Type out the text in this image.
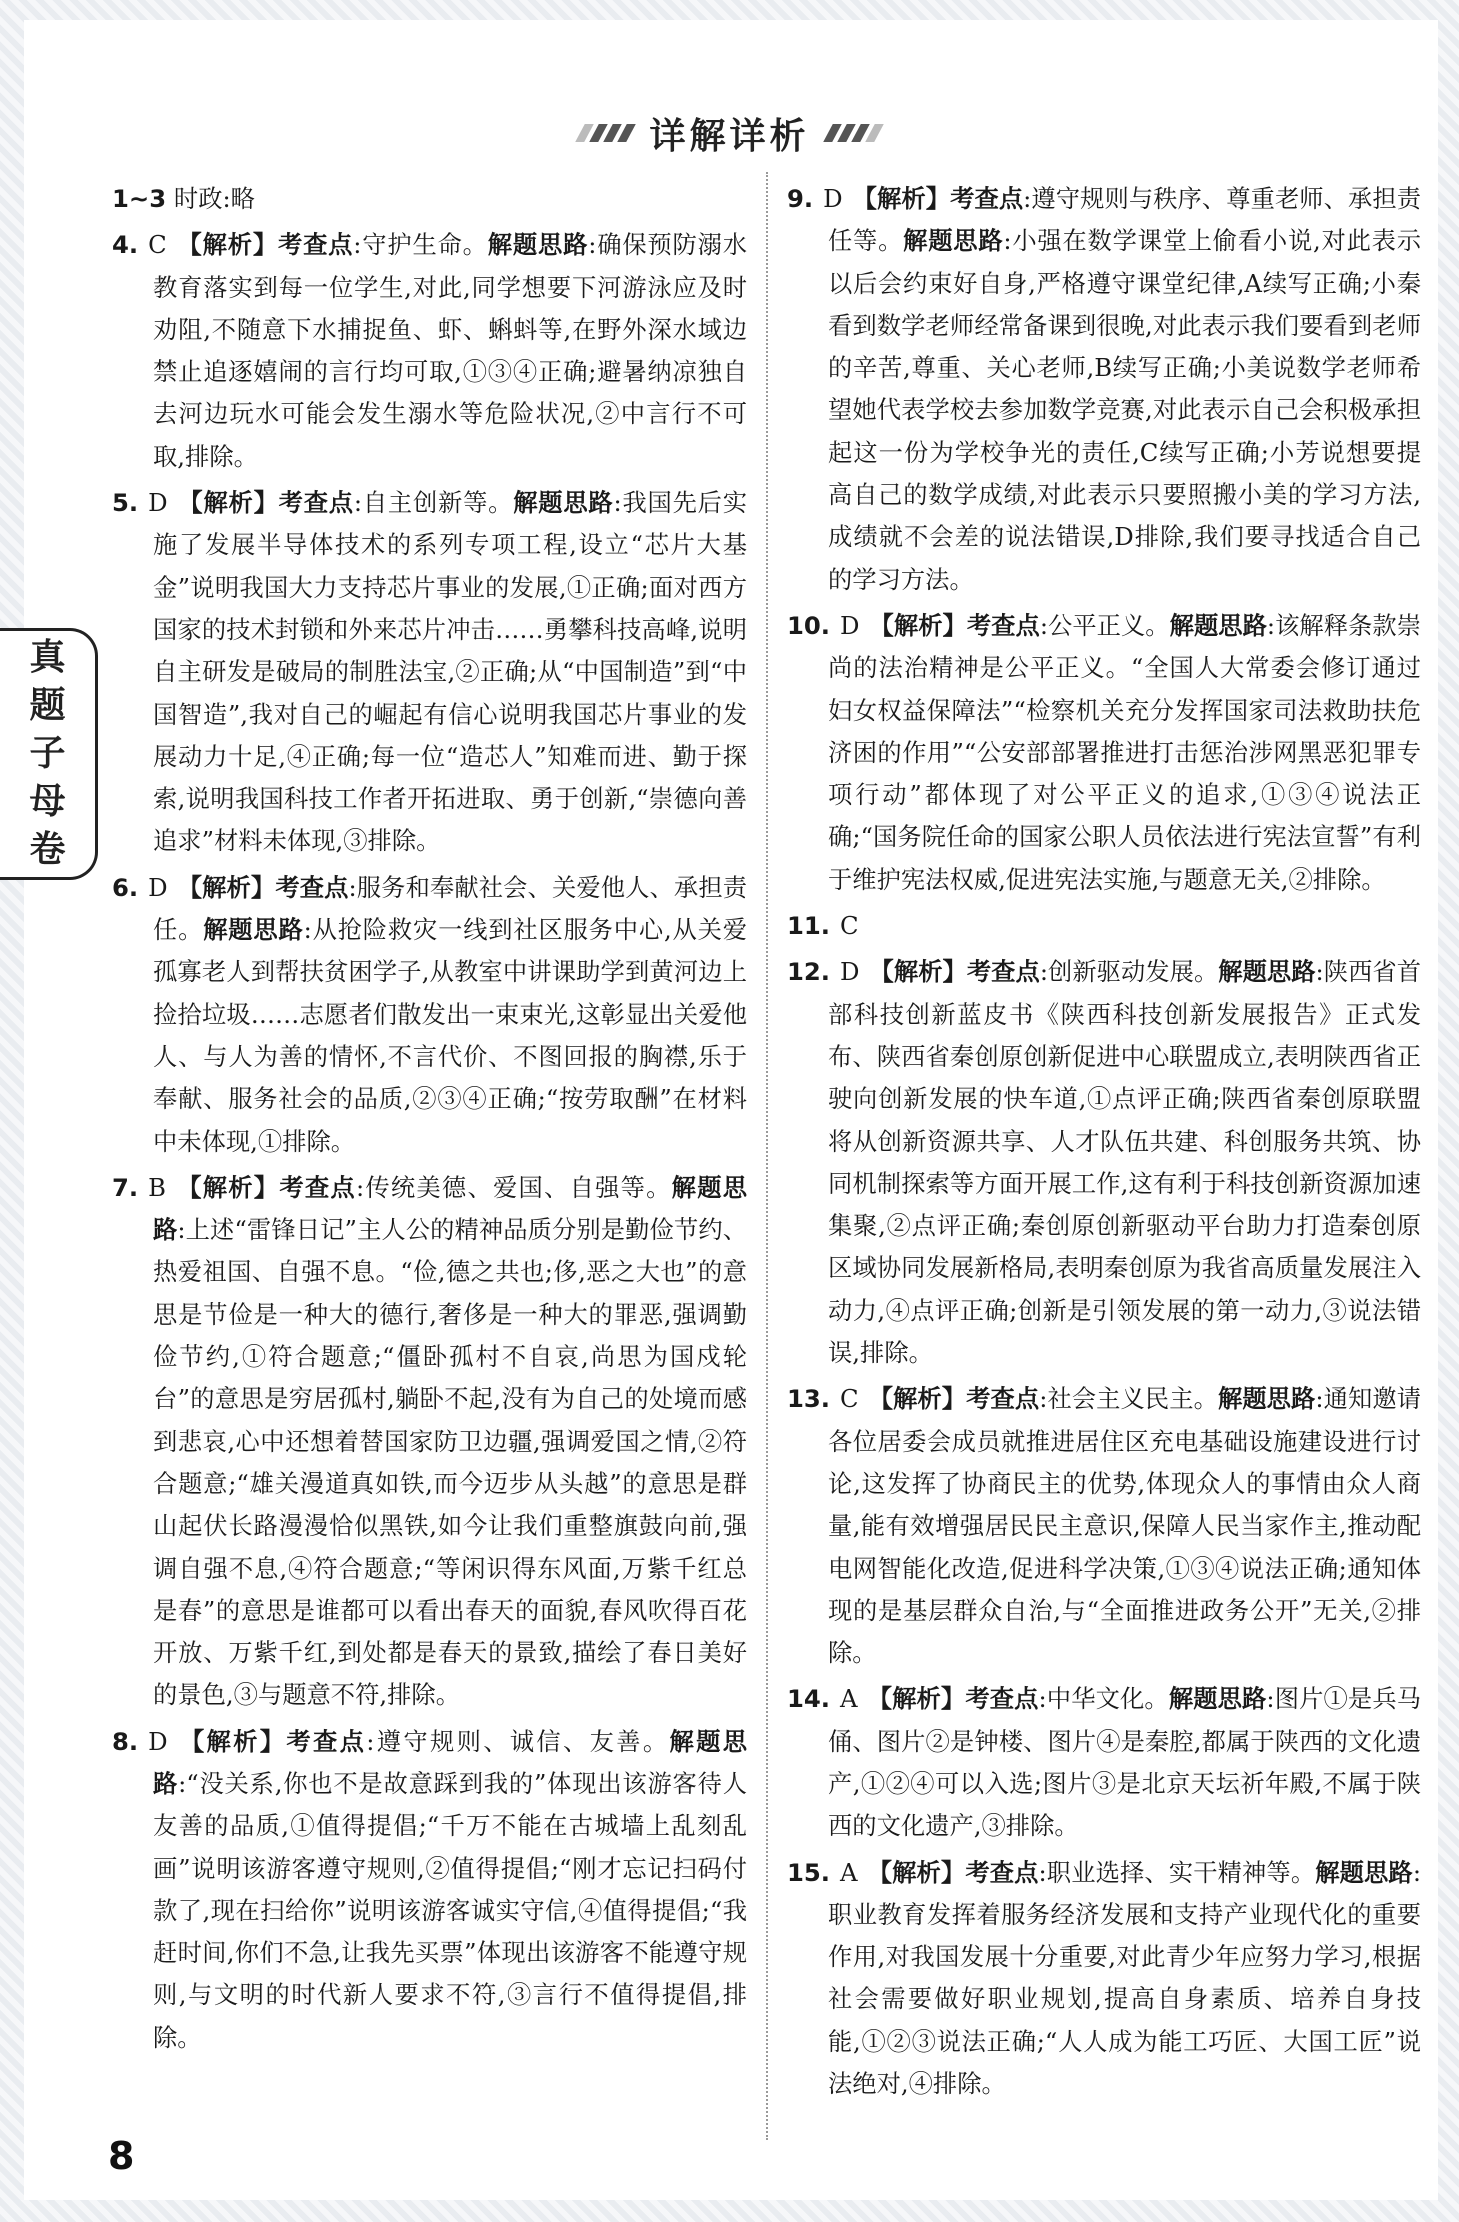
详解详析
真
题
子
母
卷
1~3 时政:略
4. C 【解析】考查点:守护生命。解题思路:确保预防溺水教育落实到每一位学生,对此,同学想要下河游泳应及时劝阻,不随意下水捕捉鱼、虾、蝌蚪等,在野外深水域边禁止追逐嬉闹的言行均可取,①③④正确;避暑纳凉独自去河边玩水可能会发生溺水等危险状况,②中言行不可取,排除。
5. D 【解析】考查点:自主创新等。解题思路:我国先后实施了发展半导体技术的系列专项工程,设立“芯片大基金”说明我国大力支持芯片事业的发展,①正确;面对西方国家的技术封锁和外来芯片冲击……勇攀科技高峰,说明自主研发是破局的制胜法宝,②正确;从“中国制造”到“中国智造”,我对自己的崛起有信心说明我国芯片事业的发展动力十足,④正确;每一位“造芯人”知难而进、勤于探索,说明我国科技工作者开拓进取、勇于创新,“崇德向善追求”材料未体现,③排除。
6. D 【解析】考查点:服务和奉献社会、关爱他人、承担责任。解题思路:从抢险救灾一线到社区服务中心,从关爱孤寡老人到帮扶贫困学子,从教室中讲课助学到黄河边上捡拾垃圾……志愿者们散发出一束束光,这彰显出关爱他人、与人为善的情怀,不言代价、不图回报的胸襟,乐于奉献、服务社会的品质,②③④正确;“按劳取酬”在材料中未体现,①排除。
7. B 【解析】考查点:传统美德、爱国、自强等。解题思路:上述“雷锋日记”主人公的精神品质分别是勤俭节约、热爱祖国、自强不息。“俭,德之共也;侈,恶之大也”的意思是节俭是一种大的德行,奢侈是一种大的罪恶,强调勤俭节约,①符合题意;“僵卧孤村不自哀,尚思为国戍轮台”的意思是穷居孤村,躺卧不起,没有为自己的处境而感到悲哀,心中还想着替国家防卫边疆,强调爱国之情,②符合题意;“雄关漫道真如铁,而今迈步从头越”的意思是群山起伏长路漫漫恰似黑铁,如今让我们重整旗鼓向前,强调自强不息,④符合题意;“等闲识得东风面,万紫千红总是春”的意思是谁都可以看出春天的面貌,春风吹得百花开放、万紫千红,到处都是春天的景致,描绘了春日美好的景色,③与题意不符,排除。
8. D 【解析】考查点:遵守规则、诚信、友善。解题思路:“没关系,你也不是故意踩到我的”体现出该游客待人友善的品质,①值得提倡;“千万不能在古城墙上乱刻乱画”说明该游客遵守规则,②值得提倡;“刚才忘记扫码付款了,现在扫给你”说明该游客诚实守信,④值得提倡;“我赶时间,你们不急,让我先买票”体现出该游客不能遵守规则,与文明的时代新人要求不符,③言行不值得提倡,排除。
9. D 【解析】考查点:遵守规则与秩序、尊重老师、承担责任等。解题思路:小强在数学课堂上偷看小说,对此表示以后会约束好自身,严格遵守课堂纪律,A续写正确;小秦看到数学老师经常备课到很晚,对此表示我们要看到老师的辛苦,尊重、关心老师,B续写正确;小美说数学老师希望她代表学校去参加数学竞赛,对此表示自己会积极承担起这一份为学校争光的责任,C续写正确;小芳说想要提高自己的数学成绩,对此表示只要照搬小美的学习方法,成绩就不会差的说法错误,D排除,我们要寻找适合自己的学习方法。
10. D 【解析】考查点:公平正义。解题思路:该解释条款崇尚的法治精神是公平正义。“全国人大常委会修订通过妇女权益保障法”“检察机关充分发挥国家司法救助扶危济困的作用”“公安部部署推进打击惩治涉网黑恶犯罪专项行动”都体现了对公平正义的追求,①③④说法正确;“国务院任命的国家公职人员依法进行宪法宣誓”有利于维护宪法权威,促进宪法实施,与题意无关,②排除。
11. C
12. D 【解析】考查点:创新驱动发展。解题思路:陕西省首部科技创新蓝皮书《陕西科技创新发展报告》正式发布、陕西省秦创原创新促进中心联盟成立,表明陕西省正驶向创新发展的快车道,①点评正确;陕西省秦创原联盟将从创新资源共享、人才队伍共建、科创服务共筑、协同机制探索等方面开展工作,这有利于科技创新资源加速集聚,②点评正确;秦创原创新驱动平台助力打造秦创原区域协同发展新格局,表明秦创原为我省高质量发展注入动力,④点评正确;创新是引领发展的第一动力,③说法错误,排除。
13. C 【解析】考查点:社会主义民主。解题思路:通知邀请各位居委会成员就推进居住区充电基础设施建设进行讨论,这发挥了协商民主的优势,体现众人的事情由众人商量,能有效增强居民民主意识,保障人民当家作主,推动配电网智能化改造,促进科学决策,①③④说法正确;通知体现的是基层群众自治,与“全面推进政务公开”无关,②排除。
14. A 【解析】考查点:中华文化。解题思路:图片①是兵马俑、图片②是钟楼、图片④是秦腔,都属于陕西的文化遗产,①②④可以入选;图片③是北京天坛祈年殿,不属于陕西的文化遗产,③排除。
15. A 【解析】考查点:职业选择、实干精神等。解题思路:职业教育发挥着服务经济发展和支持产业现代化的重要作用,对我国发展十分重要,对此青少年应努力学习,根据社会需要做好职业规划,提高自身素质、培养自身技能,①②③说法正确;“人人成为能工巧匠、大国工匠”说法绝对,④排除。
8
